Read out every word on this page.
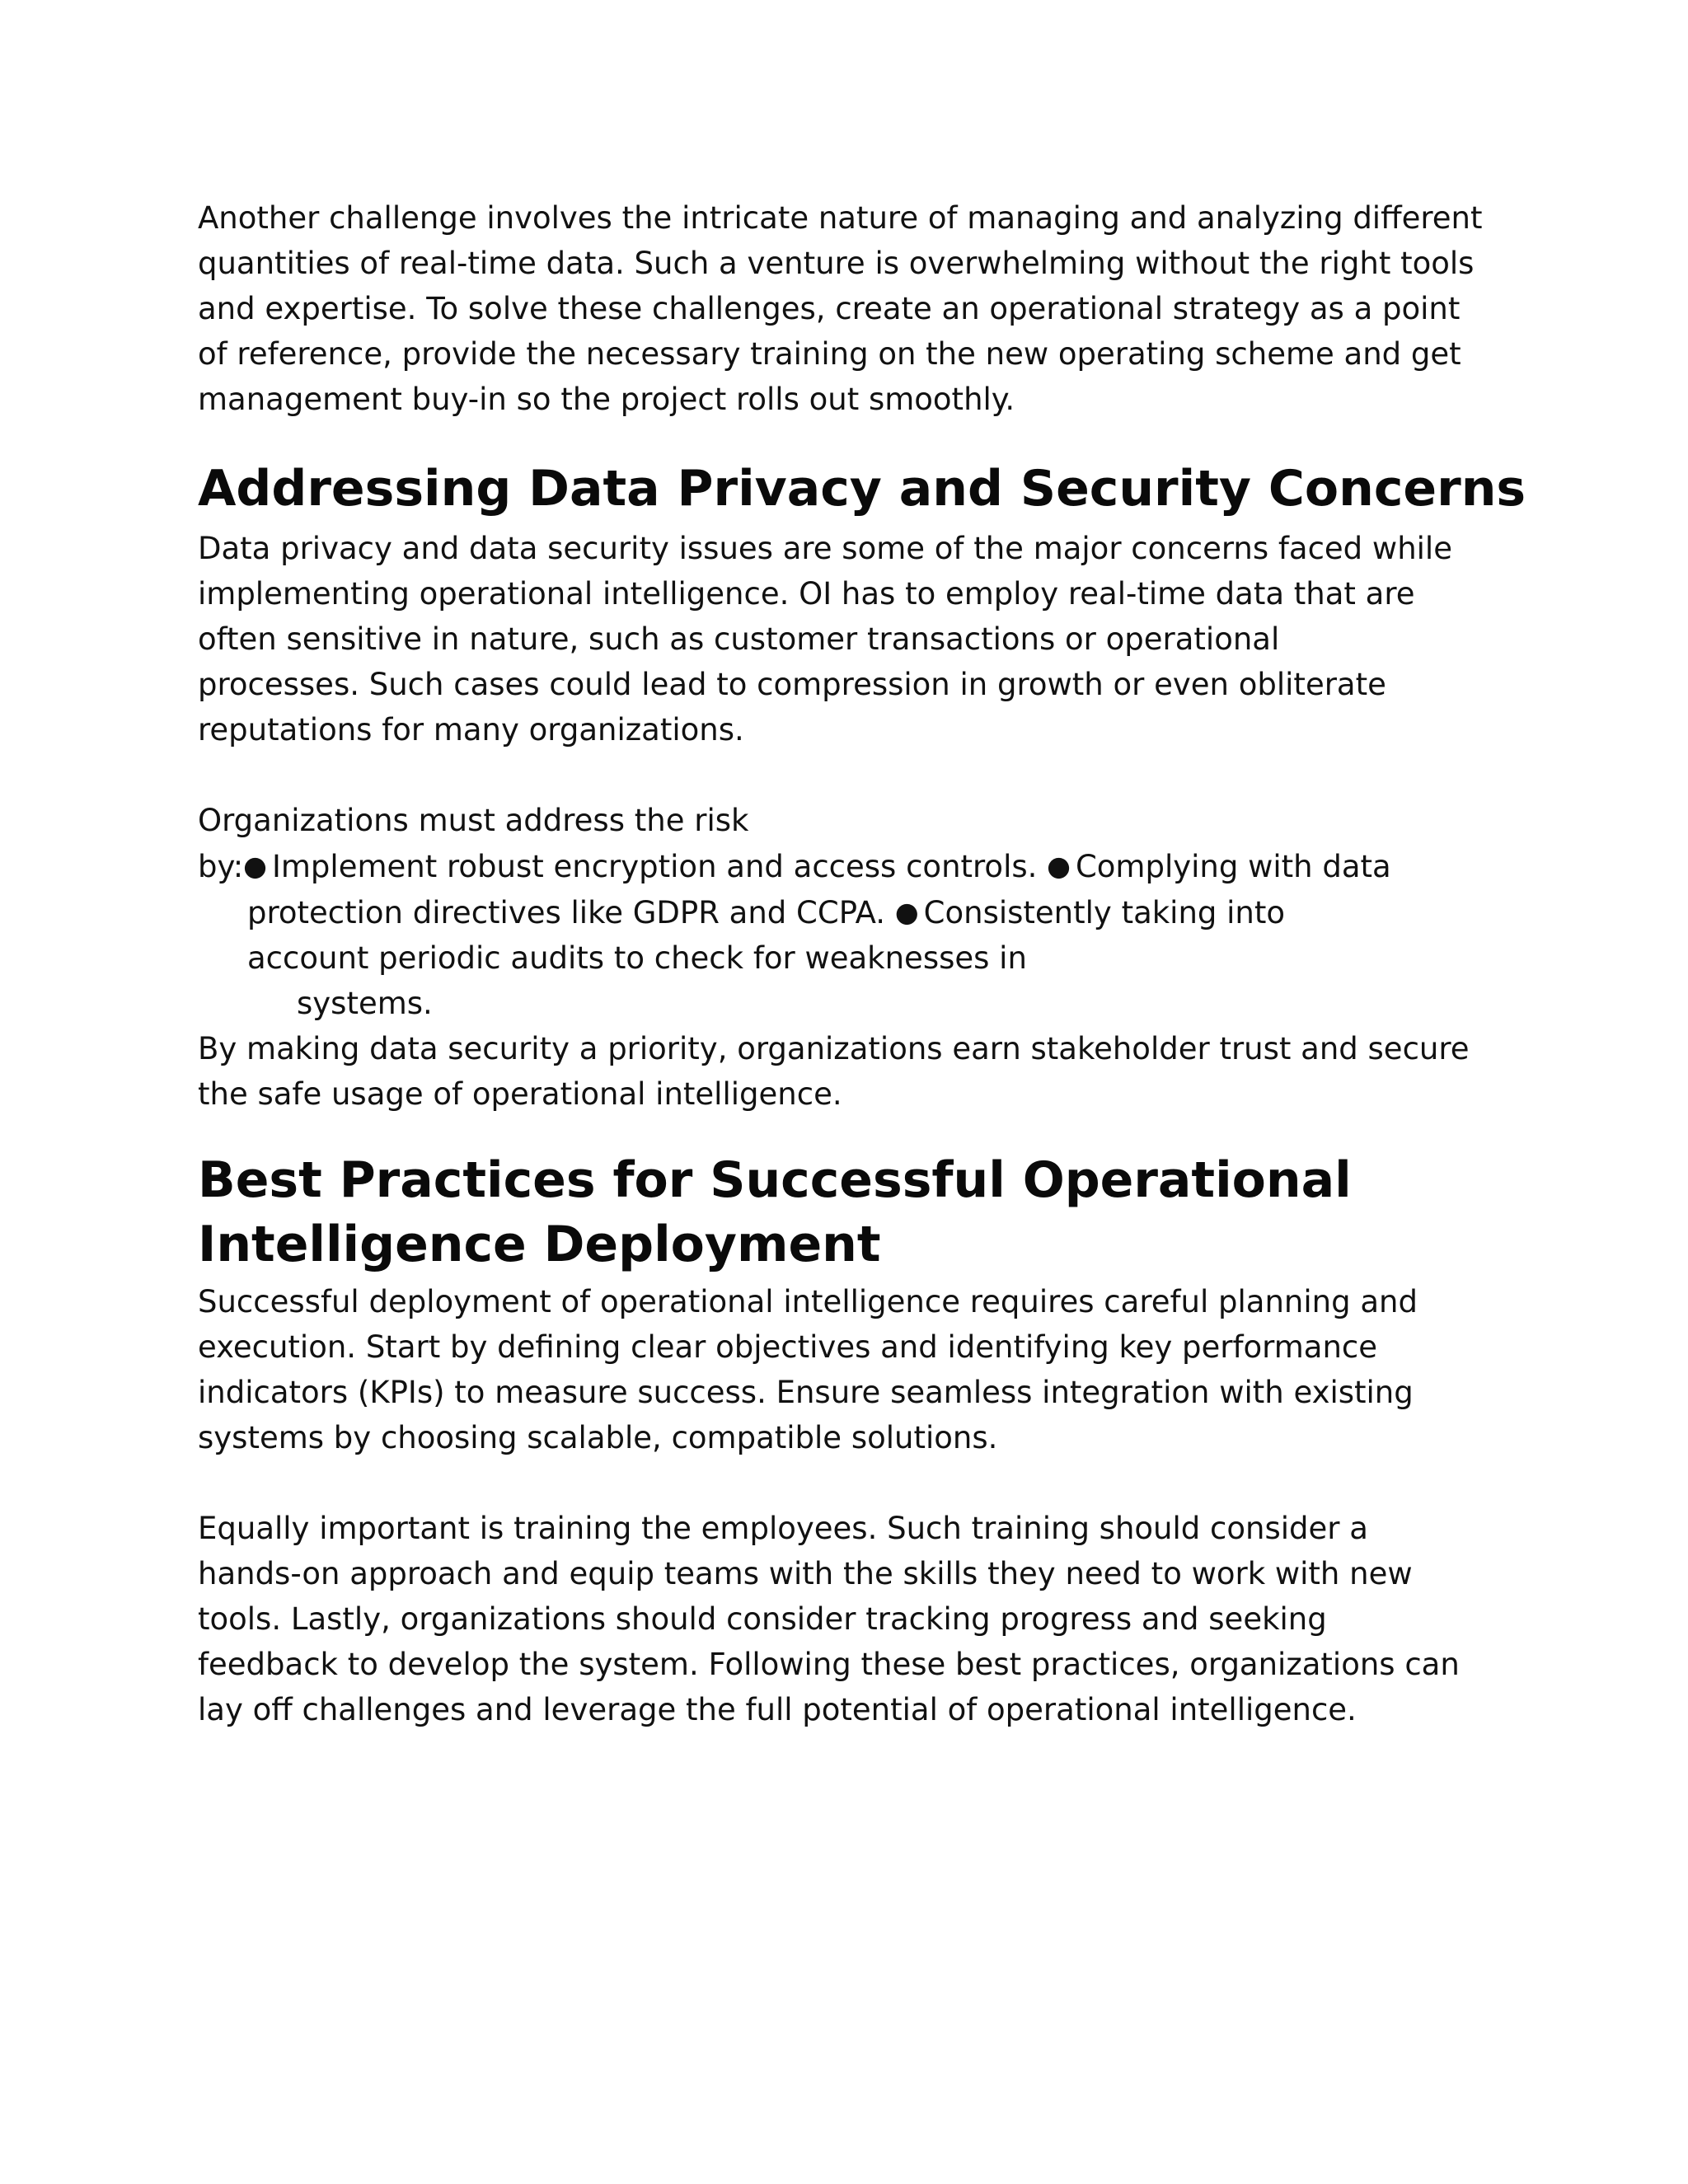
Another challenge involves the intricate nature of managing and analyzing different
quantities of real-time data. Such a venture is overwhelming without the right tools
and expertise. To solve these challenges, create an operational strategy as a point
of reference, provide the necessary training on the new operating scheme and get
management buy-in so the project rolls out smoothly.
Addressing Data Privacy and Security Concerns
Data privacy and data security issues are some of the major concerns faced while
implementing operational intelligence. OI has to employ real-time data that are
often sensitive in nature, such as customer transactions or operational
processes. Such cases could lead to compression in growth or even obliterate
reputations for many organizations.
Organizations must address the risk
by:● Implement robust encryption and access controls. ● Complying with data
protection directives like GDPR and CCPA. ● Consistently taking into
account periodic audits to check for weaknesses in
systems.
By making data security a priority, organizations earn stakeholder trust and secure
the safe usage of operational intelligence.
Best Practices for Successful Operational
Intelligence Deployment
Successful deployment of operational intelligence requires careful planning and
execution. Start by defining clear objectives and identifying key performance
indicators (KPIs) to measure success. Ensure seamless integration with existing
systems by choosing scalable, compatible solutions.
Equally important is training the employees. Such training should consider a
hands-on approach and equip teams with the skills they need to work with new
tools. Lastly, organizations should consider tracking progress and seeking
feedback to develop the system. Following these best practices, organizations can
lay off challenges and leverage the full potential of operational intelligence.
